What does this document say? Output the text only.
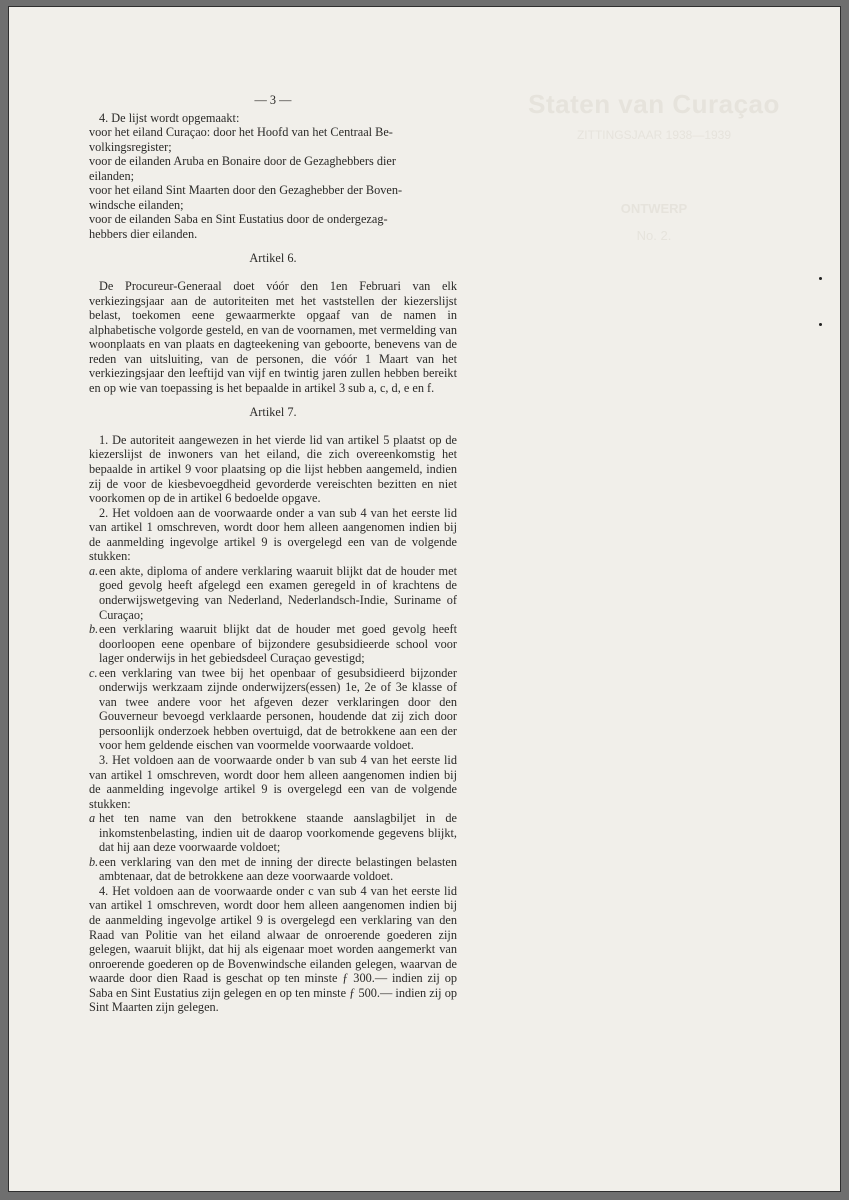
Staten van Curaçao
ZITTINGSJAAR 1938—1939

ONTWERP
No. 2.
— 3 —

4. De lijst wordt opgemaakt:

voor het eiland Curaçao: door het Hoofd van het Centraal Be-

volkingsregister;

voor de eilanden Aruba en Bonaire door de Gezaghebbers dier

eilanden;

voor het eiland Sint Maarten door den Gezaghebber der Boven-

windsche eilanden;

voor de eilanden Saba en Sint Eustatius door de ondergezag-

hebbers dier eilanden.

Artikel 6.

De Procureur-Generaal doet vóór den 1en Februari van elk verkiezingsjaar aan de autoriteiten met het vaststellen der kiezerslijst belast, toekomen eene gewaarmerkte opgaaf van de namen in alphabetische volgorde gesteld, en van de voornamen, met vermelding van woonplaats en van plaats en dagteekening van geboorte, benevens van de reden van uitsluiting, van de personen, die vóór 1 Maart van het verkiezingsjaar den leeftijd van vijf en twintig jaren zullen hebben bereikt en op wie van toepassing is het bepaalde in artikel 3 sub a, c, d, e en f.

Artikel 7.

1. De autoriteit aangewezen in het vierde lid van artikel 5 plaatst op de kiezerslijst de inwoners van het eiland, die zich overeenkomstig het bepaalde in artikel 9 voor plaatsing op die lijst hebben aangemeld, indien zij de voor de kiesbevoegdheid gevorderde vereischten bezitten en niet voorkomen op de in artikel 6 bedoelde opgave.

2. Het voldoen aan de voorwaarde onder a van sub 4 van het eerste lid van artikel 1 omschreven, wordt door hem alleen aangenomen indien bij de aanmelding ingevolge artikel 9 is overgelegd een van de volgende stukken:

a. een akte, diploma of andere verklaring waaruit blijkt dat de houder met goed gevolg heeft afgelegd een examen geregeld in of krachtens de onderwijswetgeving van Nederland, Nederlandsch-Indie, Suriname of Curaçao;
b. een verklaring waaruit blijkt dat de houder met goed gevolg heeft doorloopen eene openbare of bijzondere gesubsidieerde school voor lager onderwijs in het gebiedsdeel Curaçao gevestigd;
c. een verklaring van twee bij het openbaar of gesubsidieerd bijzonder onderwijs werkzaam zijnde onderwijzers(essen) 1e, 2e of 3e klasse of van twee andere voor het afgeven dezer verklaringen door den Gouverneur bevoegd verklaarde personen, houdende dat zij zich door persoonlijk onderzoek hebben overtuigd, dat de betrokkene aan een der voor hem geldende eischen van voormelde voorwaarde voldoet.

3. Het voldoen aan de voorwaarde onder b van sub 4 van het eerste lid van artikel 1 omschreven, wordt door hem alleen aangenomen indien bij de aanmelding ingevolge artikel 9 is overgelegd een van de volgende stukken:

a het ten name van den betrokkene staande aanslagbiljet in de inkomstenbelasting, indien uit de daarop voorkomende gegevens blijkt, dat hij aan deze voorwaarde voldoet;
b. een verklaring van den met de inning der directe belastingen belasten ambtenaar, dat de betrokkene aan deze voorwaarde voldoet.

4. Het voldoen aan de voorwaarde onder c van sub 4 van het eerste lid van artikel 1 omschreven, wordt door hem alleen aangenomen indien bij de aanmelding ingevolge artikel 9 is overgelegd een verklaring van den Raad van Politie van het eiland alwaar de onroerende goederen zijn gelegen, waaruit blijkt, dat hij als eigenaar moet worden aangemerkt van onroerende goederen op de Bovenwindsche eilanden gelegen, waarvan de waarde door dien Raad is geschat op ten minste ƒ 300.— indien zij op Saba en Sint Eustatius zijn gelegen en op ten minste ƒ 500.— indien zij op Sint Maarten zijn gelegen.
